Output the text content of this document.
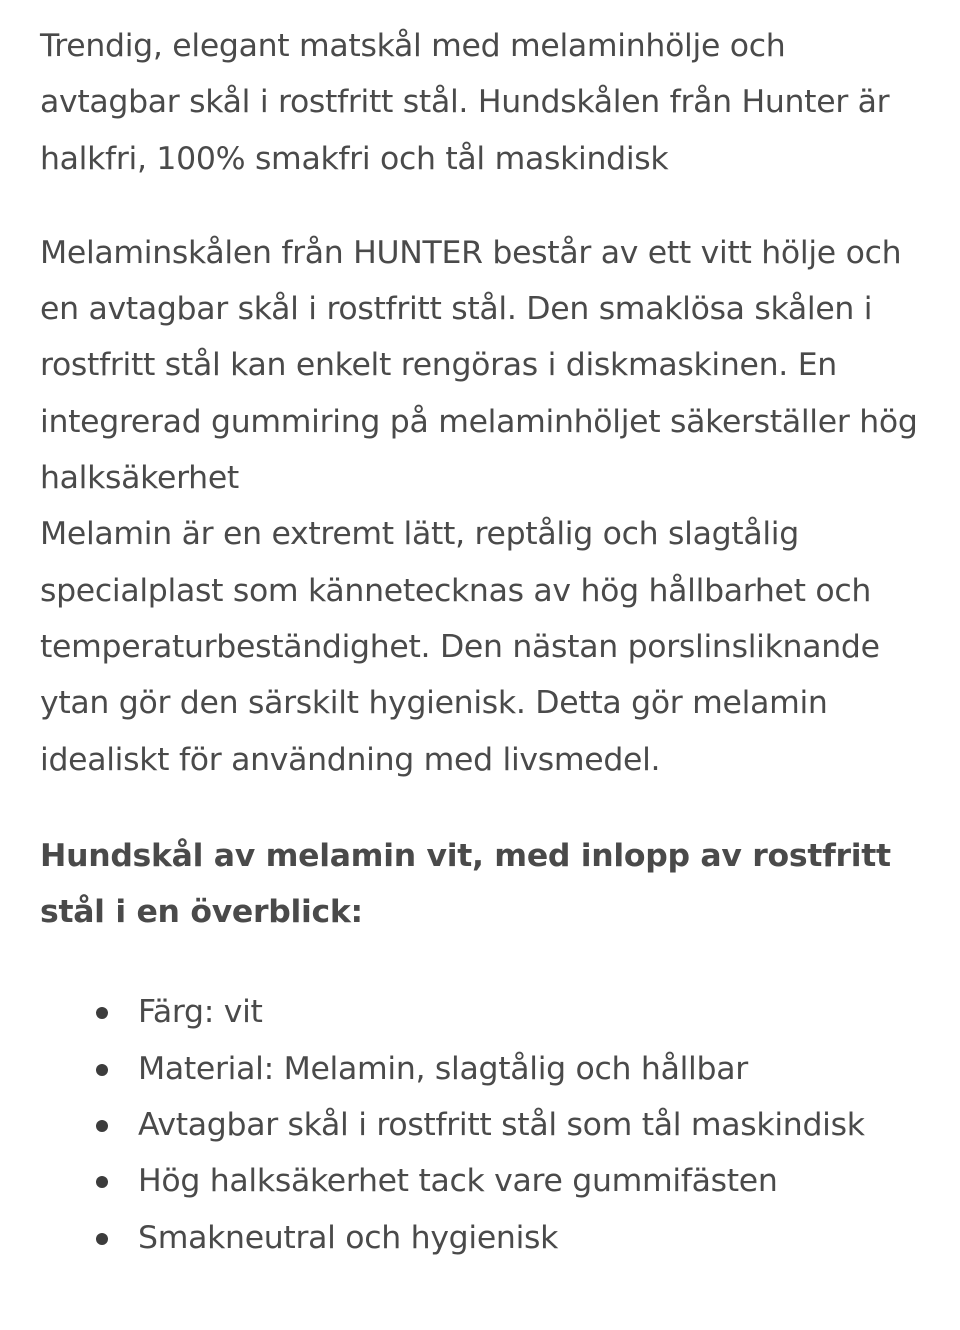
Trendig, elegant matskål med melaminhölje och avtagbar skål i rostfritt stål. Hundskålen från Hunter är halkfri, 100% smakfri och tål maskindisk

Melaminskålen från HUNTER består av ett vitt hölje och en avtagbar skål i rostfritt stål. Den smaklösa skålen i rostfritt stål kan enkelt rengöras i diskmaskinen. En integrerad gummiring på melaminhöljet säkerställer hög halksäkerhet

Melamin är en extremt lätt, reptålig och slagtålig specialplast som kännetecknas av hög hållbarhet och temperaturbeständighet. Den nästan porslinsliknande ytan gör den särskilt hygienisk. Detta gör melamin idealiskt för användning med livsmedel.

Hundskål av melamin vit, med inlopp av rostfritt stål i en överblick:
Färg: vit
Material: Melamin, slagtålig och hållbar
Avtagbar skål i rostfritt stål som tål maskindisk
Hög halksäkerhet tack vare gummifästen
Smakneutral och hygienisk
